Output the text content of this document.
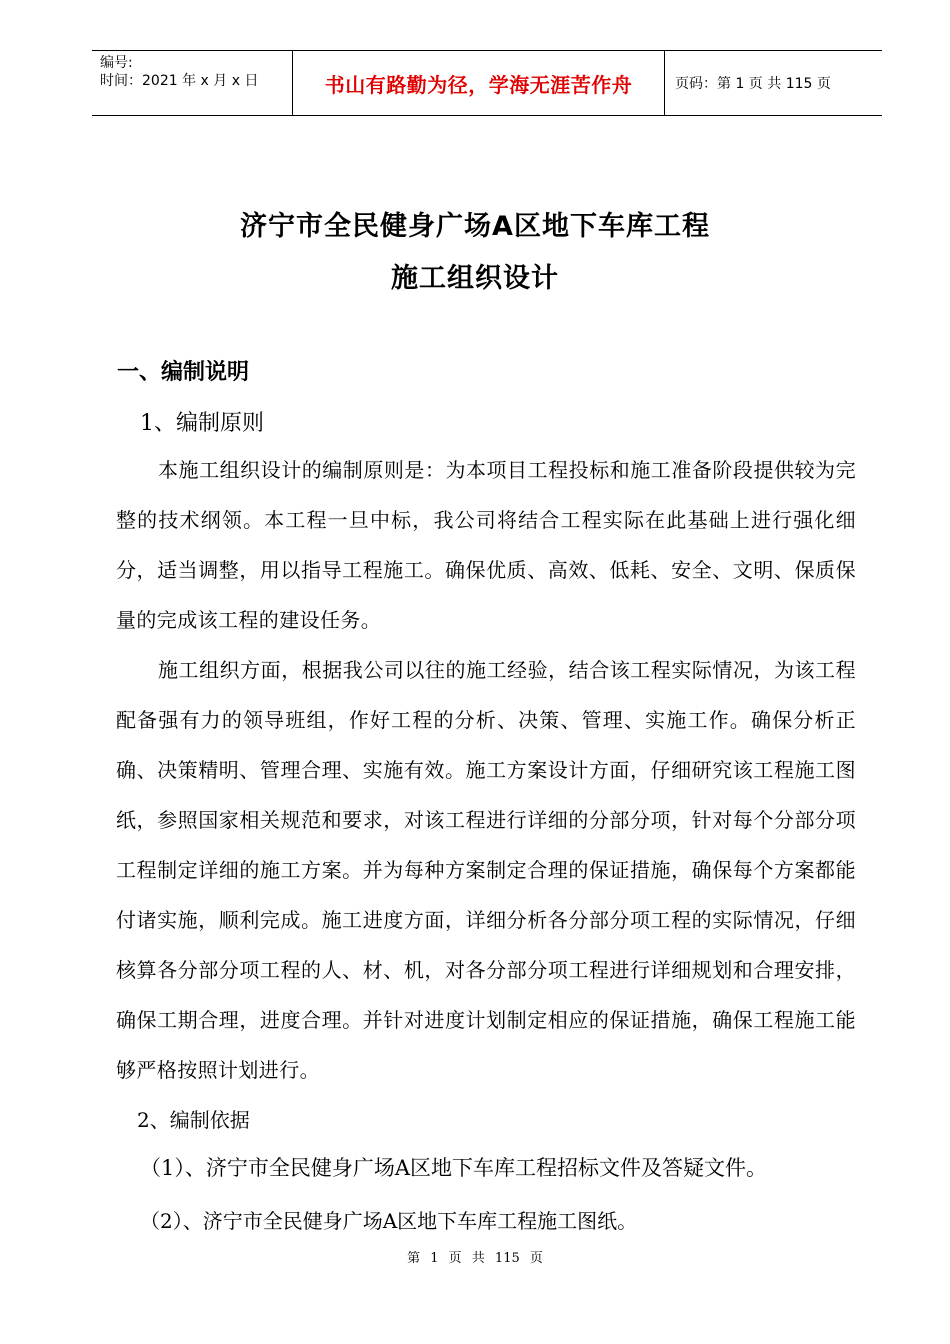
编号:
时间：2021 年 x 月 x 日	书山有路勤为径，学海无涯苦作舟	页码：第 1 页 共 115 页
济宁市全民健身广场A区地下车库工程
施工组织设计
一、编制说明
1、编制原则
本施工组织设计的编制原则是：为本项目工程投标和施工准备阶段提供较为完整的技术纲领。本工程一旦中标，我公司将结合工程实际在此基础上进行强化细分，适当调整，用以指导工程施工。确保优质、高效、低耗、安全、文明、保质保量的完成该工程的建设任务。
施工组织方面，根据我公司以往的施工经验，结合该工程实际情况，为该工程配备强有力的领导班组，作好工程的分析、决策、管理、实施工作。确保分析正确、决策精明、管理合理、实施有效。施工方案设计方面，仔细研究该工程施工图纸，参照国家相关规范和要求，对该工程进行详细的分部分项，针对每个分部分项工程制定详细的施工方案。并为每种方案制定合理的保证措施，确保每个方案都能付诸实施，顺利完成。施工进度方面，详细分析各分部分项工程的实际情况，仔细核算各分部分项工程的人、材、机，对各分部分项工程进行详细规划和合理安排，确保工期合理，进度合理。并针对进度计划制定相应的保证措施，确保工程施工能够严格按照计划进行。
2、编制依据
（1）、济宁市全民健身广场A区地下车库工程招标文件及答疑文件。
（2）、济宁市全民健身广场A区地下车库工程施工图纸。
第 1 页 共 115 页
